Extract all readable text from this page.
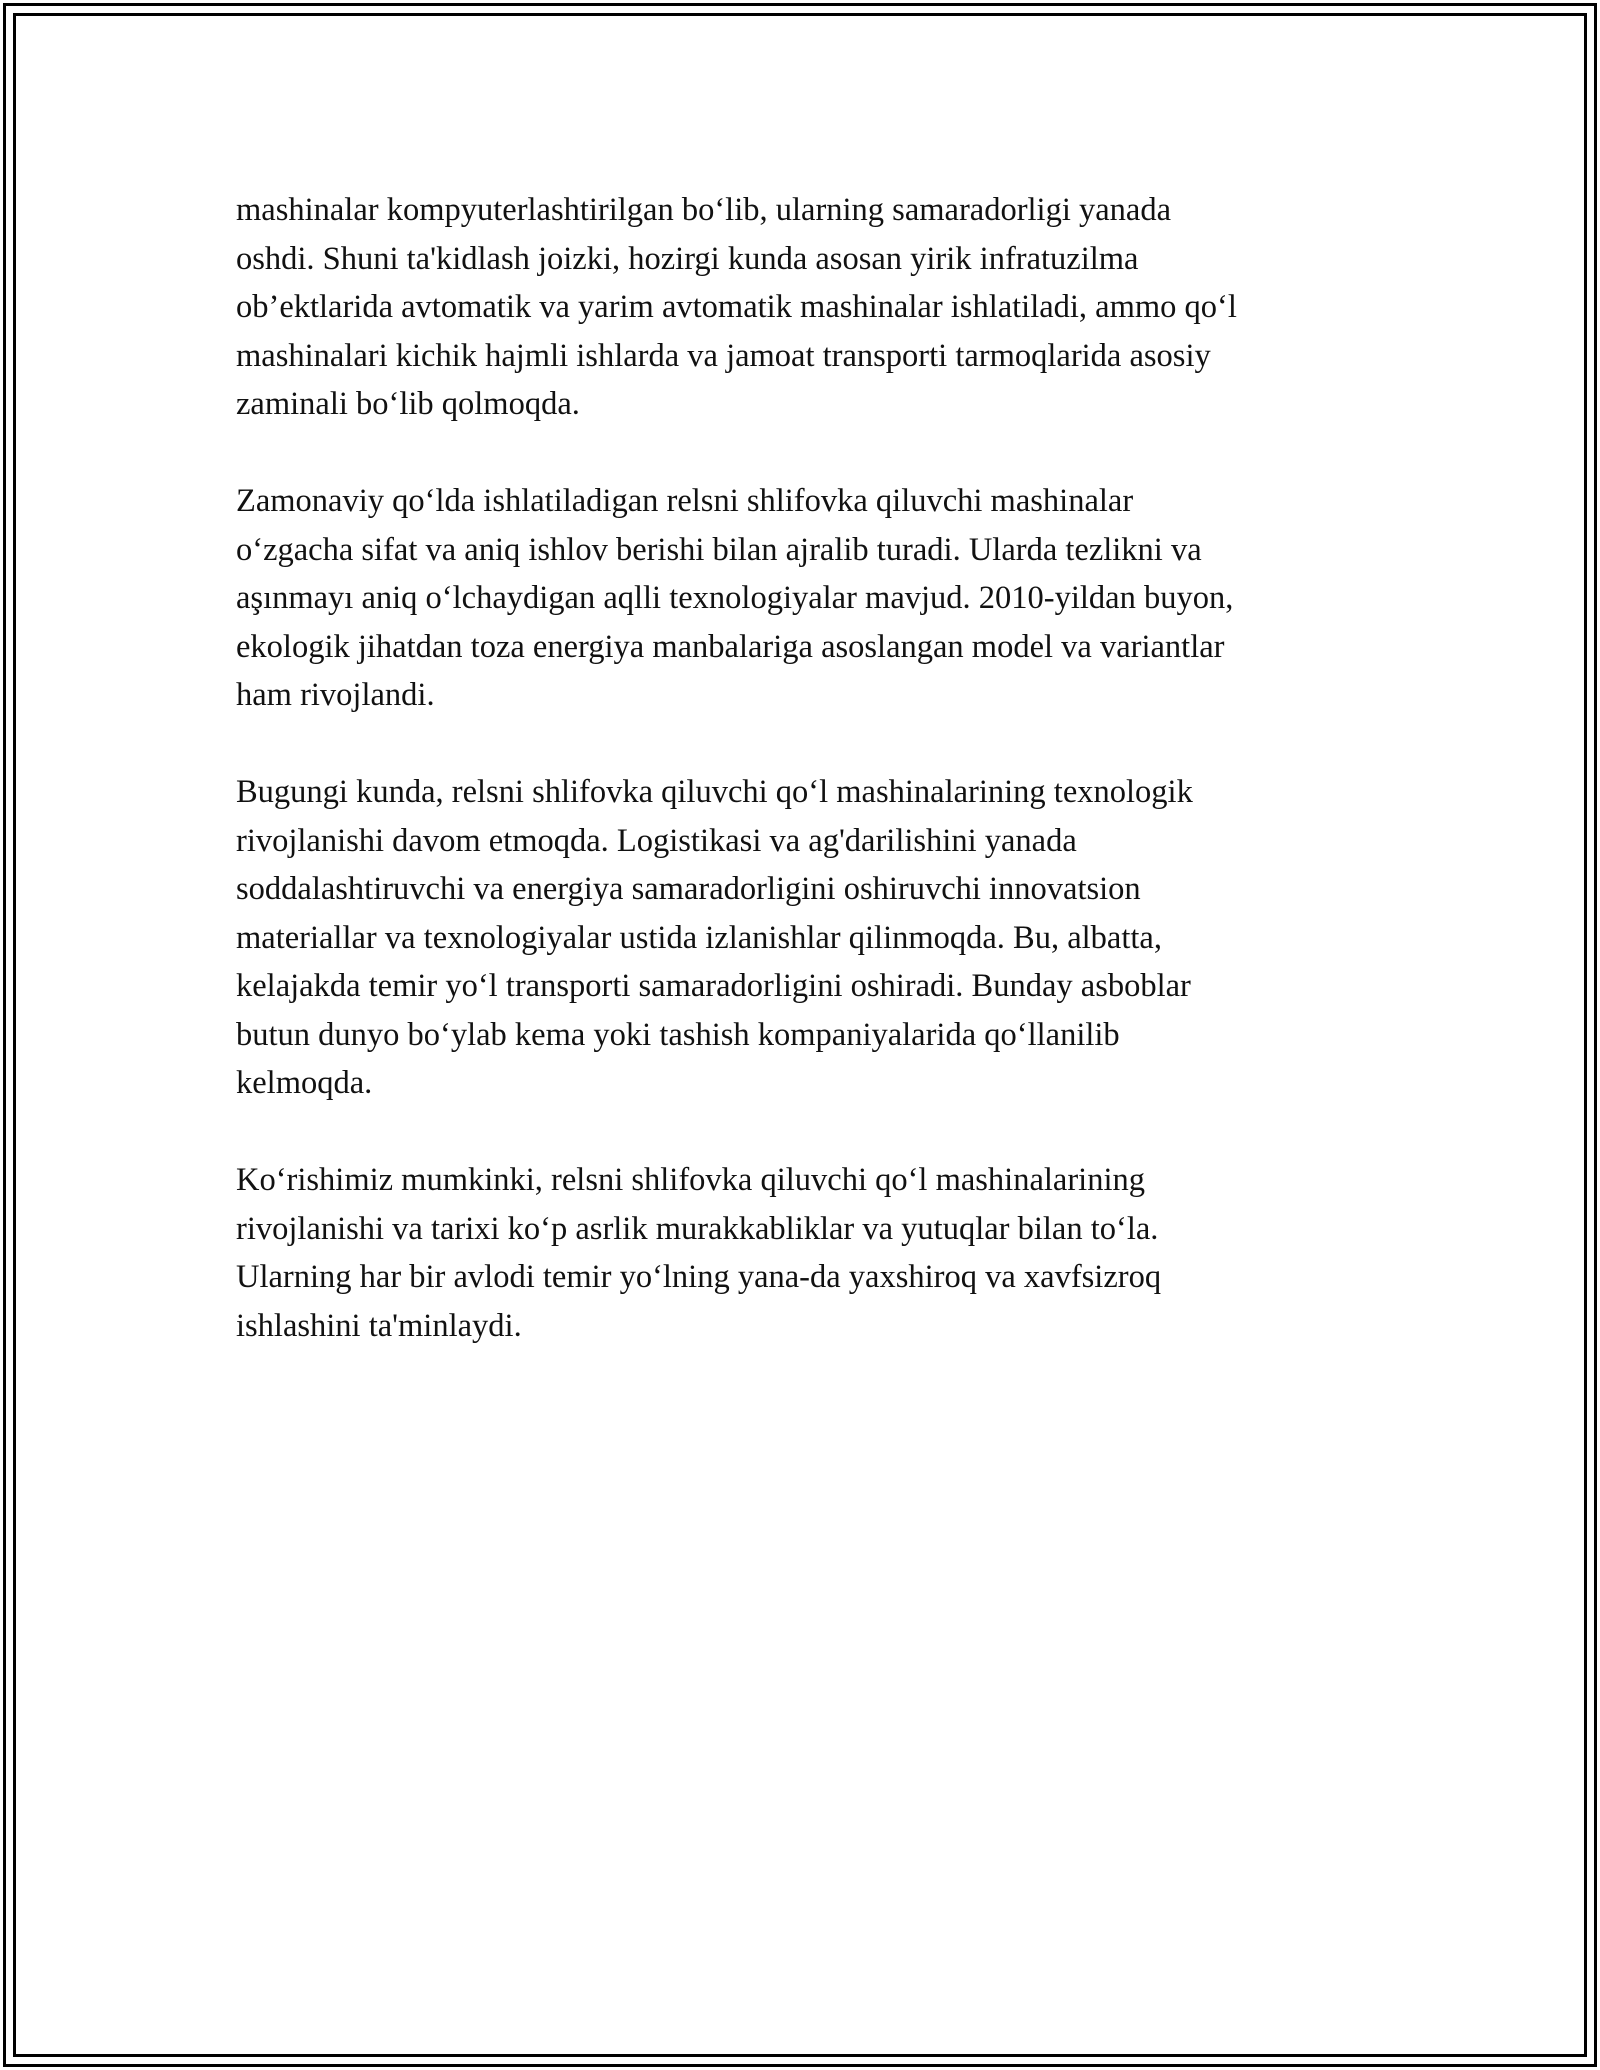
mashinalar kompyuterlashtirilgan bo‘lib, ularning samaradorligi yanada
oshdi. Shuni ta'kidlash joizki, hozirgi kunda asosan yirik infratuzilma
ob’ektlarida avtomatik va yarim avtomatik mashinalar ishlatiladi, ammo qo‘l
mashinalari kichik hajmli ishlarda va jamoat transporti tarmoqlarida asosiy
zaminali bo‘lib qolmoqda.

Zamonaviy qo‘lda ishlatiladigan relsni shlifovka qiluvchi mashinalar
o‘zgacha sifat va aniq ishlov berishi bilan ajralib turadi. Ularda tezlikni va
aşınmayı aniq o‘lchaydigan aqlli texnologiyalar mavjud. 2010-yildan buyon,
ekologik jihatdan toza energiya manbalariga asoslangan model va variantlar
ham rivojlandi.

Bugungi kunda, relsni shlifovka qiluvchi qo‘l mashinalarining texnologik
rivojlanishi davom etmoqda. Logistikasi va ag'darilishini yanada
soddalashtiruvchi va energiya samaradorligini oshiruvchi innovatsion
materiallar va texnologiyalar ustida izlanishlar qilinmoqda. Bu, albatta,
kelajakda temir yo‘l transporti samaradorligini oshiradi. Bunday asboblar
butun dunyo bo‘ylab kema yoki tashish kompaniyalarida qo‘llanilib
kelmoqda.

Ko‘rishimiz mumkinki, relsni shlifovka qiluvchi qo‘l mashinalarining
rivojlanishi va tarixi ko‘p asrlik murakkabliklar va yutuqlar bilan to‘la.
Ularning har bir avlodi temir yo‘lning yana-da yaxshiroq va xavfsizroq
ishlashini ta'minlaydi.
